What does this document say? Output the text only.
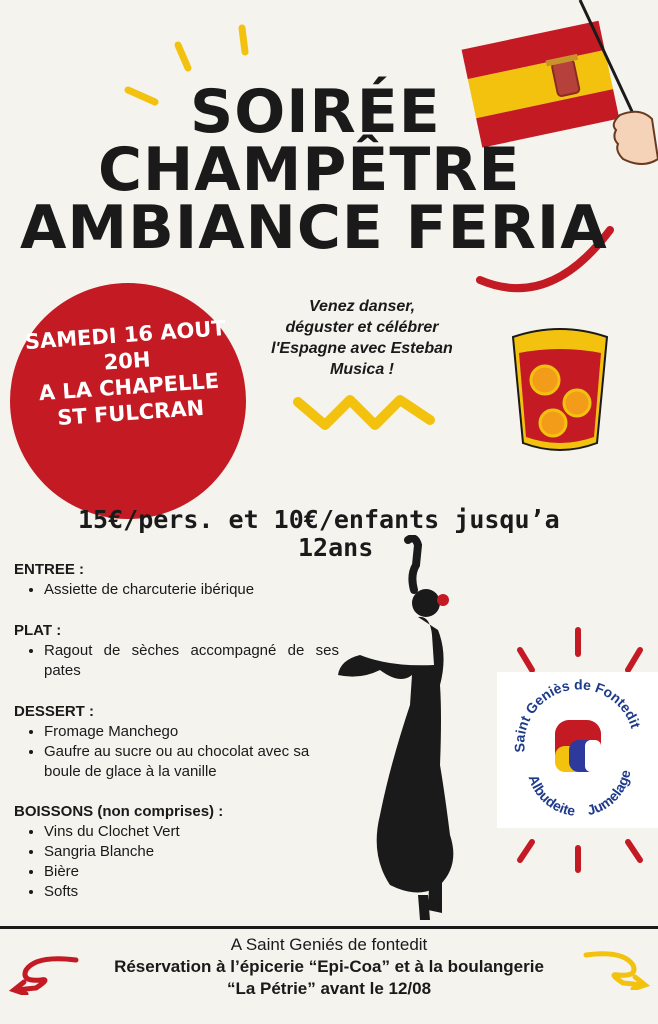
SOIRÉE
CHAMPÊTRE
AMBIANCE FERIA
SAMEDI 16 AOUT
20H
A LA CHAPELLE
ST FULCRAN
Venez danser,
déguster et célébrer
l'Espagne avec Esteban
Musica !
15€/pers. et 10€/enfants jusqu’a
12ans
ENTREE :
• Assiette de charcuterie ibérique
PLAT :
• Ragout de sèches accompagné de ses pates
DESSERT :
• Fromage Manchego
• Gaufre au sucre ou au chocolat avec sa boule de glace à la vanille
BOISSONS (non comprises) :
• Vins du Clochet Vert
• Sangria Blanche
• Bière
• Softs
Saint Geniès de Fontedit
Albudeite Jumelage
A Saint Geniés de fontedit
Réservation à l’épicerie “Epi-Coa” et à la boulangerie
“La Pétrie” avant le 12/08
